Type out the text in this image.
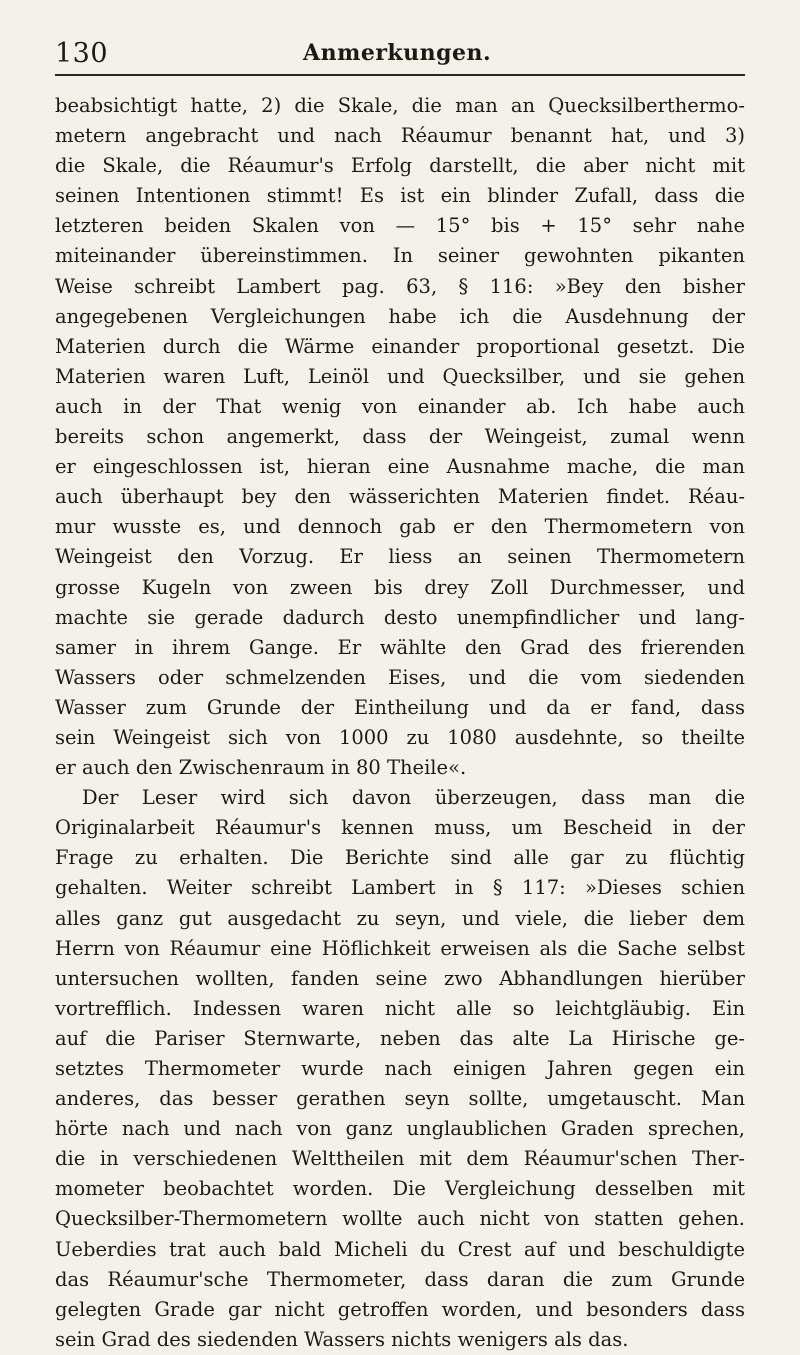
130	Anmerkungen.
beabsichtigt hatte, 2) die Skale, die man an Quecksilberthermo-
metern angebracht und nach Réaumur benannt hat, und 3)
die Skale, die Réaumur's Erfolg darstellt, die aber nicht mit
seinen Intentionen stimmt! Es ist ein blinder Zufall, dass die
letzteren beiden Skalen von — 15° bis + 15° sehr nahe
miteinander übereinstimmen. In seiner gewohnten pikanten
Weise schreibt Lambert pag. 63, § 116: »Bey den bisher
angegebenen Vergleichungen habe ich die Ausdehnung der
Materien durch die Wärme einander proportional gesetzt. Die
Materien waren Luft, Leinöl und Quecksilber, und sie gehen
auch in der That wenig von einander ab. Ich habe auch
bereits schon angemerkt, dass der Weingeist, zumal wenn
er eingeschlossen ist, hieran eine Ausnahme mache, die man
auch überhaupt bey den wässerichten Materien findet. Réau-
mur wusste es, und dennoch gab er den Thermometern von
Weingeist den Vorzug. Er liess an seinen Thermometern
grosse Kugeln von zween bis drey Zoll Durchmesser, und
machte sie gerade dadurch desto unempfindlicher und lang-
samer in ihrem Gange. Er wählte den Grad des frierenden
Wassers oder schmelzenden Eises, und die vom siedenden
Wasser zum Grunde der Eintheilung und da er fand, dass
sein Weingeist sich von 1000 zu 1080 ausdehnte, so theilte
er auch den Zwischenraum in 80 Theile«.
Der Leser wird sich davon überzeugen, dass man die
Originalarbeit Réaumur's kennen muss, um Bescheid in der
Frage zu erhalten. Die Berichte sind alle gar zu flüchtig
gehalten. Weiter schreibt Lambert in § 117: »Dieses schien
alles ganz gut ausgedacht zu seyn, und viele, die lieber dem
Herrn von Réaumur eine Höflichkeit erweisen als die Sache selbst
untersuchen wollten, fanden seine zwo Abhandlungen hierüber
vortrefflich. Indessen waren nicht alle so leichtgläubig. Ein
auf die Pariser Sternwarte, neben das alte La Hirische ge-
setztes Thermometer wurde nach einigen Jahren gegen ein
anderes, das besser gerathen seyn sollte, umgetauscht. Man
hörte nach und nach von ganz unglaublichen Graden sprechen,
die in verschiedenen Welttheilen mit dem Réaumur'schen Ther-
mometer beobachtet worden. Die Vergleichung desselben mit
Quecksilber-Thermometern wollte auch nicht von statten gehen.
Ueberdies trat auch bald Micheli du Crest auf und beschuldigte
das Réaumur'sche Thermometer, dass daran die zum Grunde
gelegten Grade gar nicht getroffen worden, und besonders dass
sein Grad des siedenden Wassers nichts wenigers als das.
